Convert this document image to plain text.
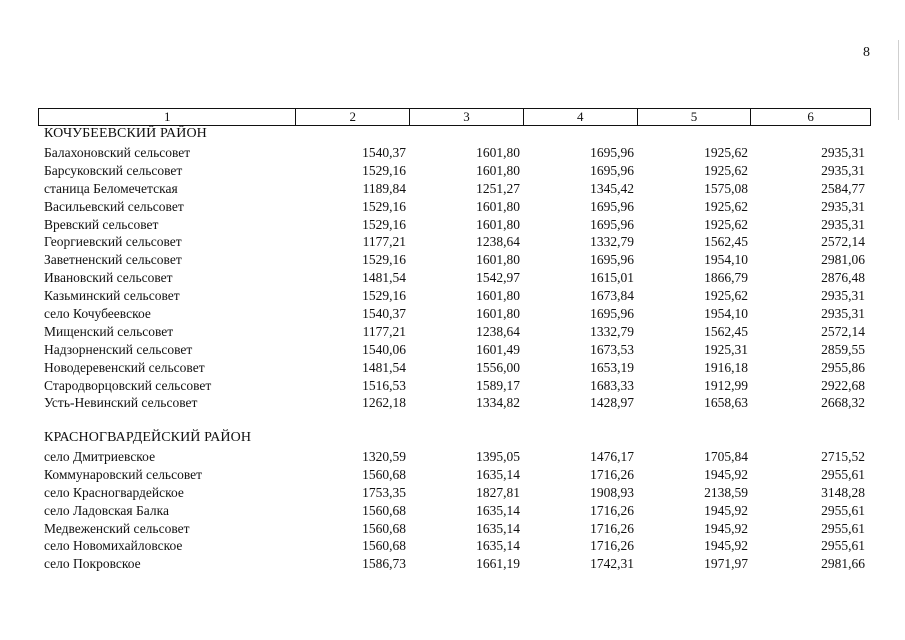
8
1	2	3	4	5	6
КОЧУБЕЕВСКИЙ РАЙОН
Балахоновский сельсовет	1540,37	1601,80	1695,96	1925,62	2935,31
Барсуковский сельсовет	1529,16	1601,80	1695,96	1925,62	2935,31
станица Беломечетская	1189,84	1251,27	1345,42	1575,08	2584,77
Васильевский сельсовет	1529,16	1601,80	1695,96	1925,62	2935,31
Вревский сельсовет	1529,16	1601,80	1695,96	1925,62	2935,31
Георгиевский сельсовет	1177,21	1238,64	1332,79	1562,45	2572,14
Заветненский сельсовет	1529,16	1601,80	1695,96	1954,10	2981,06
Ивановский сельсовет	1481,54	1542,97	1615,01	1866,79	2876,48
Казьминский сельсовет	1529,16	1601,80	1673,84	1925,62	2935,31
село Кочубеевское	1540,37	1601,80	1695,96	1954,10	2935,31
Мищенский сельсовет	1177,21	1238,64	1332,79	1562,45	2572,14
Надзорненский сельсовет	1540,06	1601,49	1673,53	1925,31	2859,55
Новодеревенский сельсовет	1481,54	1556,00	1653,19	1916,18	2955,86
Стародворцовский сельсовет	1516,53	1589,17	1683,33	1912,99	2922,68
Усть-Невинский сельсовет	1262,18	1334,82	1428,97	1658,63	2668,32
КРАСНОГВАРДЕЙСКИЙ РАЙОН
село Дмитриевское	1320,59	1395,05	1476,17	1705,84	2715,52
Коммунаровский сельсовет	1560,68	1635,14	1716,26	1945,92	2955,61
село Красногвардейское	1753,35	1827,81	1908,93	2138,59	3148,28
село Ладовская Балка	1560,68	1635,14	1716,26	1945,92	2955,61
Медвеженский сельсовет	1560,68	1635,14	1716,26	1945,92	2955,61
село Новомихайловское	1560,68	1635,14	1716,26	1945,92	2955,61
село Покровское	1586,73	1661,19	1742,31	1971,97	2981,66
